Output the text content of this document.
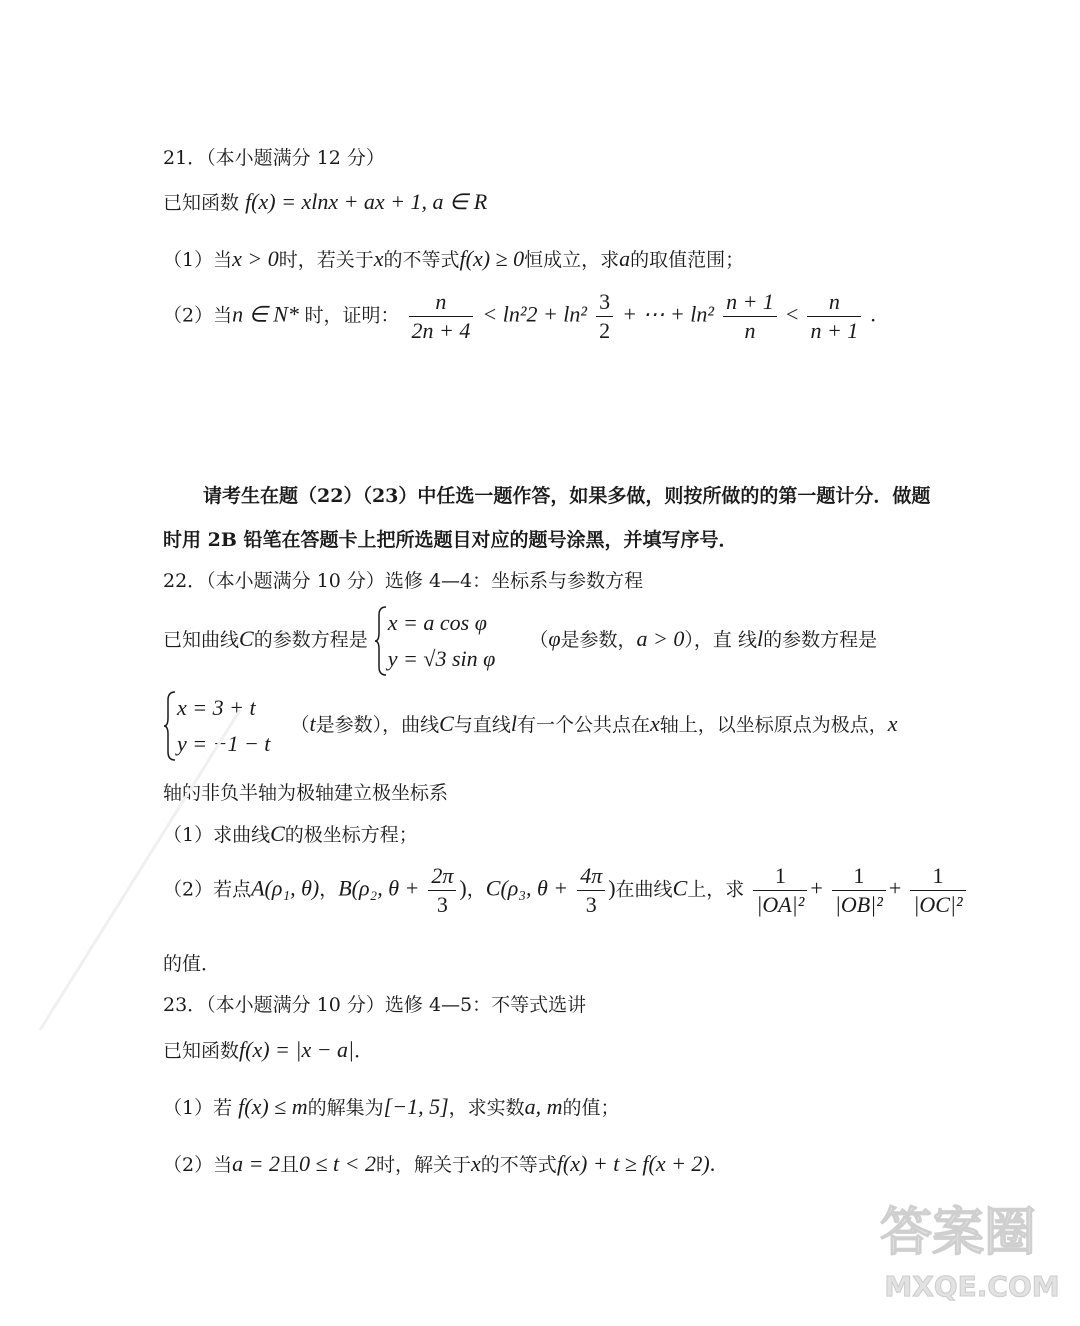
21．（本小题满分 12 分）
已知函数 f(x) = xlnx + ax + 1, a ∈ R
（1）当x > 0时，若关于x的不等式f(x) ≥ 0恒成立，求a的取值范围；
（2）当n ∈ N* 时，证明： $\frac{n}{2n + 4} < \ln^22 + \ln^2 \frac{3}{2}$ + ⋯ + $\ln^2 \frac{n + 1}{n} < \frac{n}{n + 1}$ .
请考生在题（22）（23）中任选一题作答，如果多做，则按所做的的第一题计分．做题
时用 2B 铅笔在答题卡上把所选题目对应的题号涂黑，并填写序号．
22．（本小题满分 10 分）选修 4—4：坐标系与参数方程
已知曲线C的参数方程是
x = a cos φ
y = √3 sin φ
（φ是参数，a > 0），直 线l的参数方程是
x = 3 + t
y = −1 − t
（t是参数），曲线C与直线l有一个公共点在x轴上，以坐标原点为极点，x
轴的非负半轴为极轴建立极坐标系
（1）求曲线C的极坐标方程；
（2）若点A(ρ₁, θ)，B(ρ₂, $\theta + \frac{2\pi}{3}$ )，C(ρ₃, $\theta + \frac{4\pi}{3}$ )在曲线C上，求 $\frac{1}{\text{|OA|²}} + \frac{1}{\text{|OB|²}} + \frac{1}{\text{|OC|²}}$
的值．
23．（本小题满分 10 分）选修 4—5：不等式选讲
已知函数f(x) = |x − a|．
（1）若 f(x) ≤ m的解集为[−1, 5]，求实数a, m的值；
（2）当a = 2且0 ≤ t < 2时，解关于x的不等式f(x) + t ≥ f(x + 2).
答案圈
MXQE.COM
